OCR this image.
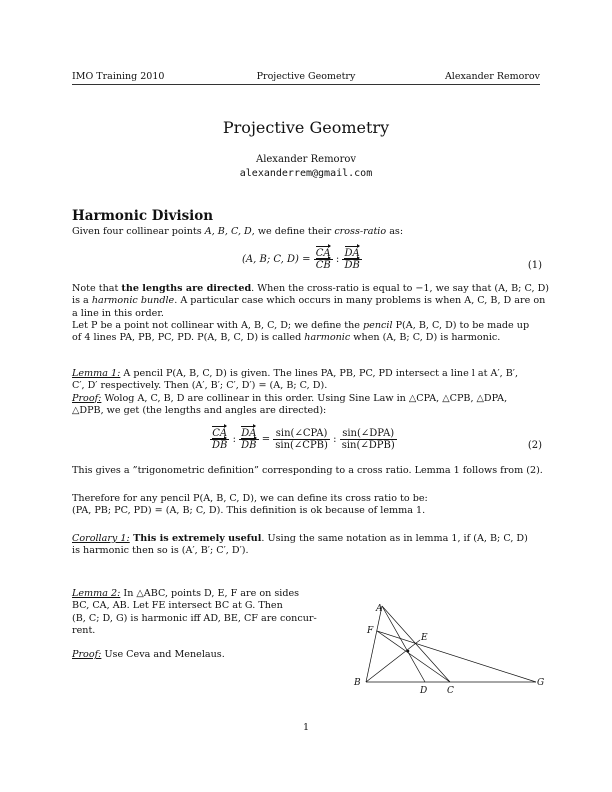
IMO Training 2010	Projective Geometry	Alexander Remorov
Projective Geometry
Alexander Remorov
alexanderrem@gmail.com
Harmonic Division
Given four collinear points A, B, C, D, we define their cross-ratio as:
(A, B; C, $D) = \frac{CA}{CB}$ : $\frac{DA}{DB}$	(1)
Note that the lengths are directed. When the cross-ratio is equal to −1, we say that (A, B; C, D)
is a harmonic bundle. A particular case which occurs in many problems is when A, C, B, D are on
a line in this order.
Let P be a point not collinear with A, B, C, D; we define the pencil P(A, B, C, D) to be made up
of 4 lines PA, PB, PC, PD. P(A, B, C, D) is called harmonic when (A, B; C, D) is harmonic.
Lemma 1: A pencil P(A, B, C, D) is given. The lines PA, PB, PC, PD intersect a line l at A′, B′,
C′, D′ respectively. Then (A′, B′; C′, D′) = (A, B; C, D).
Proof: Wolog A, C, B, D are collinear in this order. Using Sine Law in △CPA, △CPB, △DPA,
△DPB, we get (the lengths and angles are directed):
$\frac{CA}{DB}$ : $\frac{DA}{DB} = \frac{\text{sin(∠CPA)}}{\text{sin(∠CPB)}}$ : $\frac{\text{sin(∠DPA)}}{\text{sin(∠DPB)}}$	(2)
This gives a ”trigonometric definition” corresponding to a cross ratio. Lemma 1 follows from (2).
Therefore for any pencil P(A, B, C, D), we can define its cross ratio to be:
(PA, PB; PC, PD) = (A, B; C, D). This definition is ok because of lemma 1.
Corollary 1: This is extremely useful. Using the same notation as in lemma 1, if (A, B; C, D)
is harmonic then so is (A′, B′; C′, D′).
Lemma 2: In △ABC, points D, E, F are on sides
BC, CA, AB. Let FE intersect BC at G. Then
(B, C; D, G) is harmonic iff AD, BE, CF are concur-
rent.
Proof: Use Ceva and Menelaus.
A
F
E
B
D C
G
1
